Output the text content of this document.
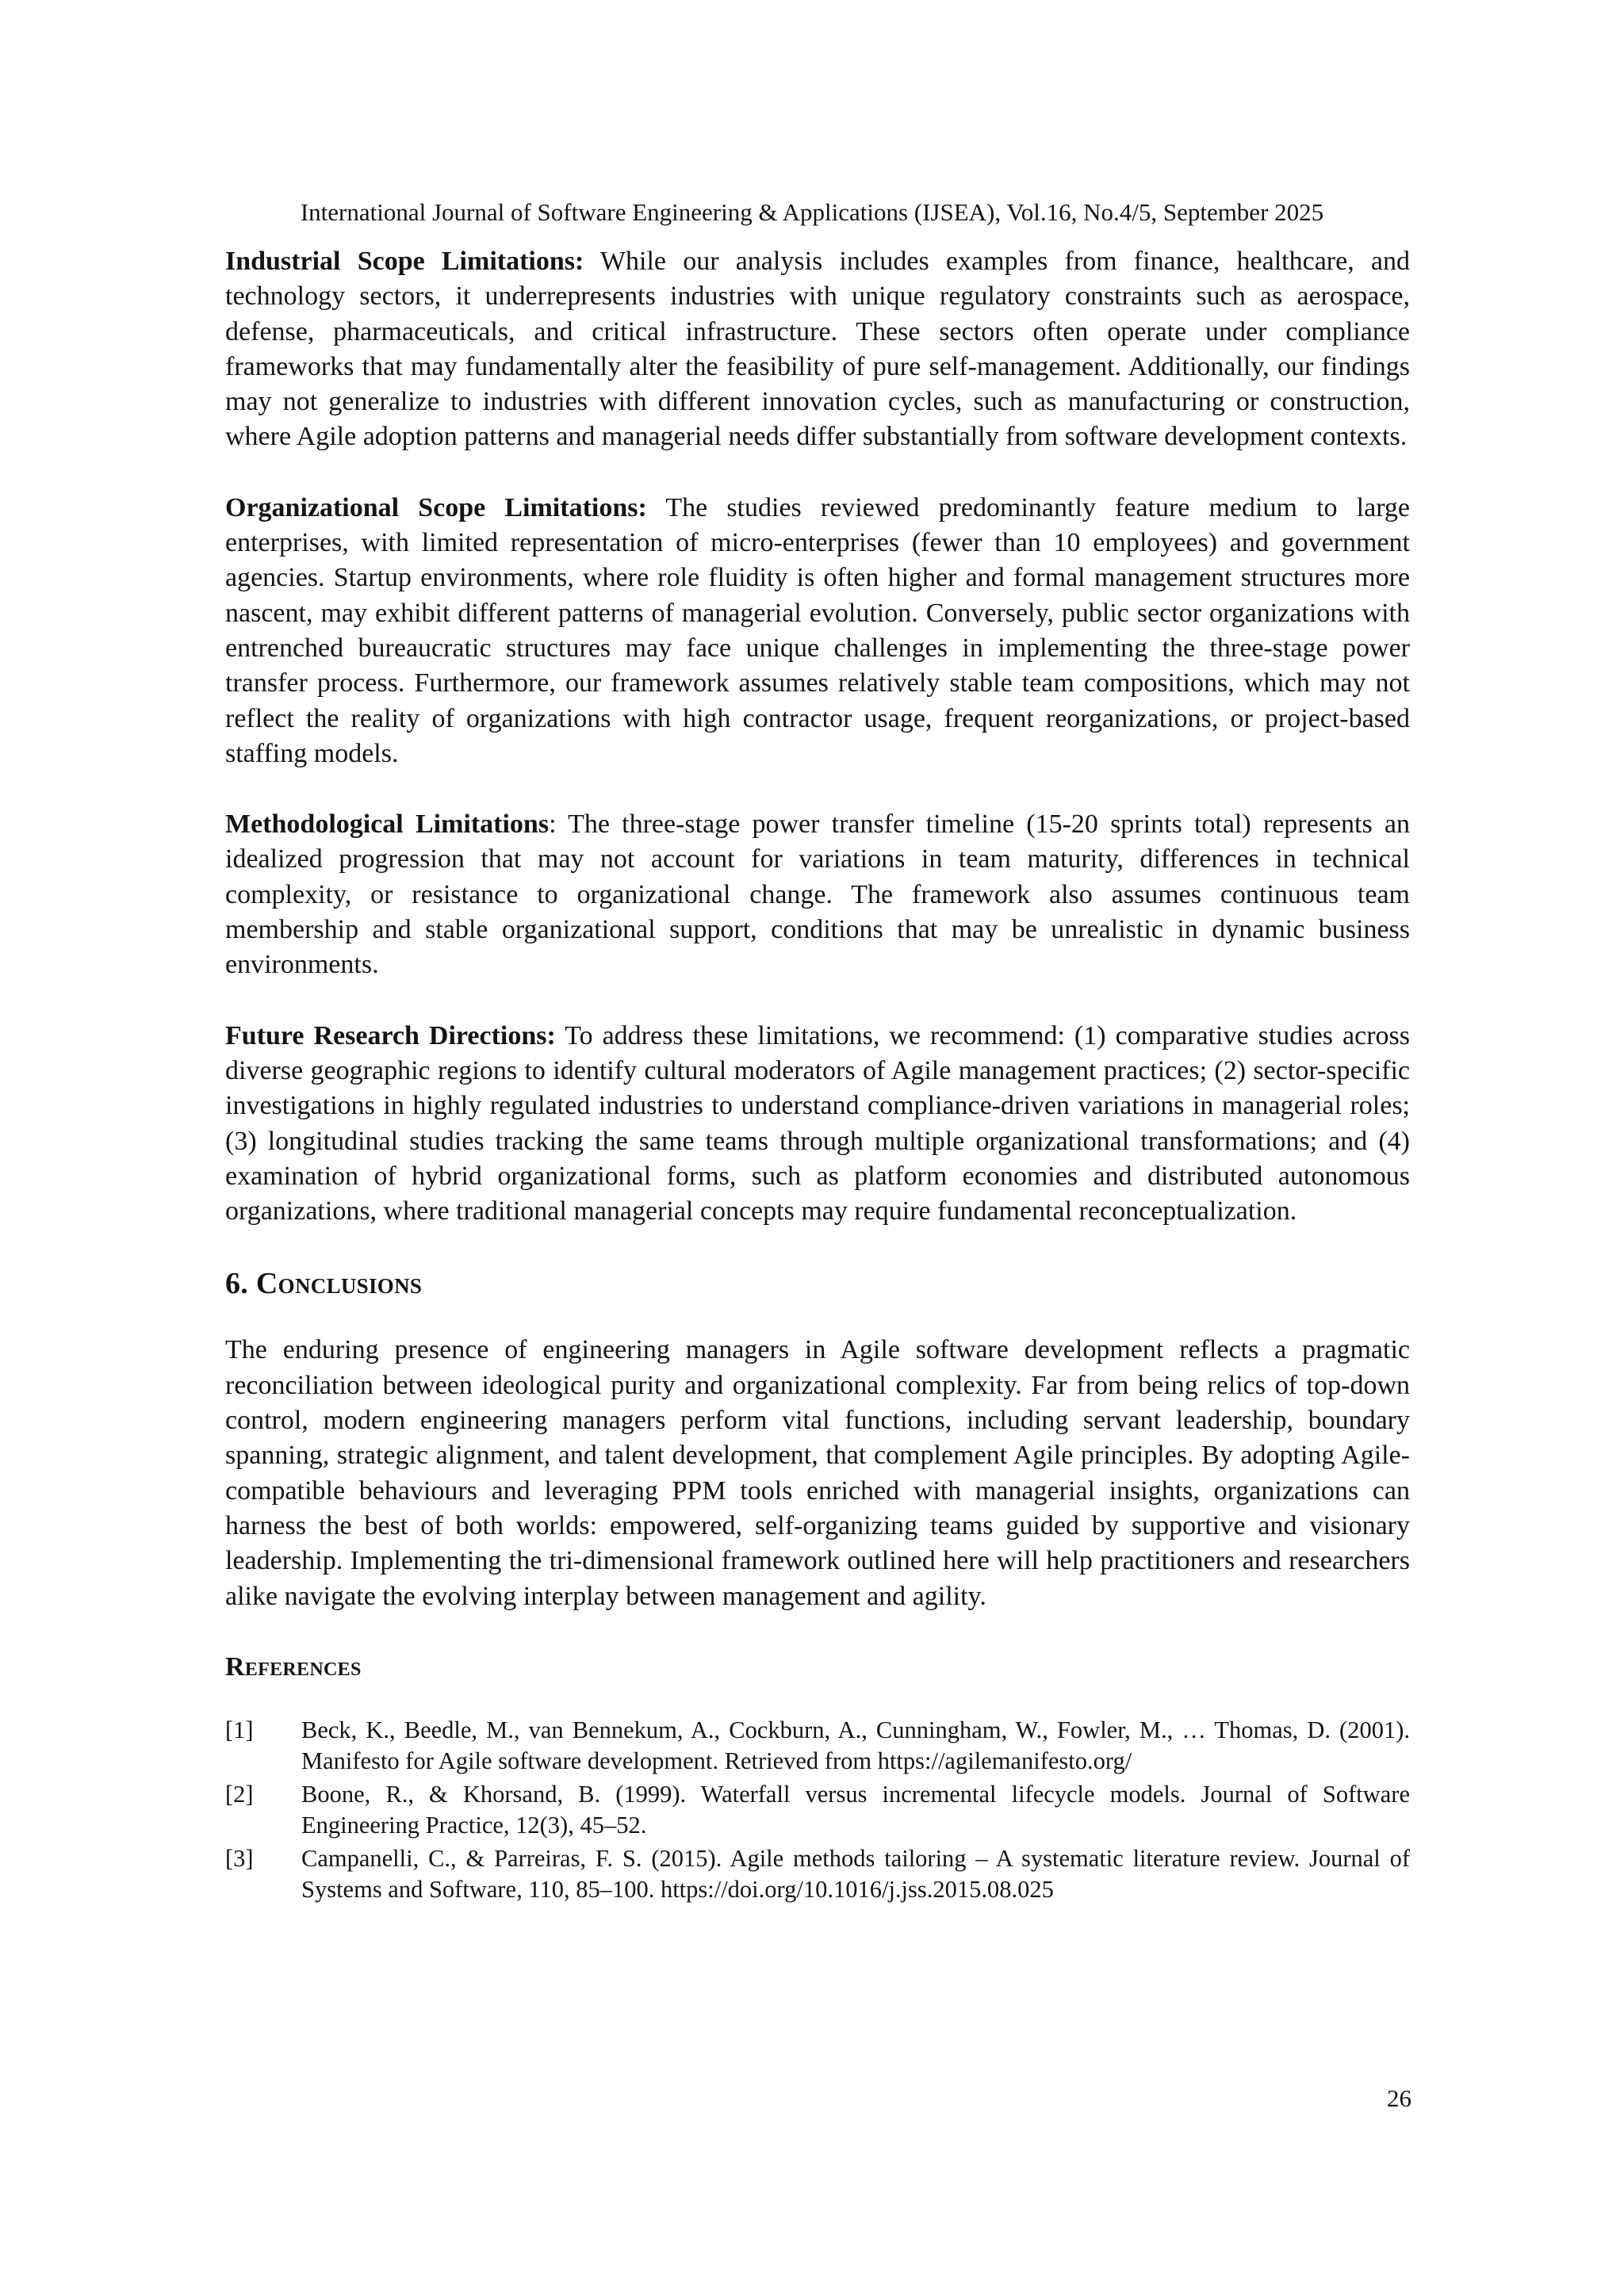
International Journal of Software Engineering & Applications (IJSEA), Vol.16, No.4/5, September 2025

Industrial Scope Limitations: While our analysis includes examples from finance, healthcare, and technology sectors, it underrepresents industries with unique regulatory constraints such as aerospace, defense, pharmaceuticals, and critical infrastructure. These sectors often operate under compliance frameworks that may fundamentally alter the feasibility of pure self-management. Additionally, our findings may not generalize to industries with different innovation cycles, such as manufacturing or construction, where Agile adoption patterns and managerial needs differ substantially from software development contexts.

Organizational Scope Limitations: The studies reviewed predominantly feature medium to large enterprises, with limited representation of micro-enterprises (fewer than 10 employees) and government agencies. Startup environments, where role fluidity is often higher and formal management structures more nascent, may exhibit different patterns of managerial evolution. Conversely, public sector organizations with entrenched bureaucratic structures may face unique challenges in implementing the three-stage power transfer process. Furthermore, our framework assumes relatively stable team compositions, which may not reflect the reality of organizations with high contractor usage, frequent reorganizations, or project-based staffing models.

Methodological Limitations: The three-stage power transfer timeline (15-20 sprints total) represents an idealized progression that may not account for variations in team maturity, differences in technical complexity, or resistance to organizational change. The framework also assumes continuous team membership and stable organizational support, conditions that may be unrealistic in dynamic business environments.

Future Research Directions: To address these limitations, we recommend: (1) comparative studies across diverse geographic regions to identify cultural moderators of Agile management practices; (2) sector-specific investigations in highly regulated industries to understand compliance-driven variations in managerial roles; (3) longitudinal studies tracking the same teams through multiple organizational transformations; and (4) examination of hybrid organizational forms, such as platform economies and distributed autonomous organizations, where traditional managerial concepts may require fundamental reconceptualization.

6. Conclusions

The enduring presence of engineering managers in Agile software development reflects a pragmatic reconciliation between ideological purity and organizational complexity. Far from being relics of top-down control, modern engineering managers perform vital functions, including servant leadership, boundary spanning, strategic alignment, and talent development, that complement Agile principles. By adopting Agile-compatible behaviours and leveraging PPM tools enriched with managerial insights, organizations can harness the best of both worlds: empowered, self-organizing teams guided by supportive and visionary leadership. Implementing the tri-dimensional framework outlined here will help practitioners and researchers alike navigate the evolving interplay between management and agility.

References
[1]	Beck, K., Beedle, M., van Bennekum, A., Cockburn, A., Cunningham, W., Fowler, M., … Thomas, D. (2001). Manifesto for Agile software development. Retrieved from https://agilemanifesto.org/
[2]	Boone, R., & Khorsand, B. (1999). Waterfall versus incremental lifecycle models. Journal of Software Engineering Practice, 12(3), 45–52.
[3]	Campanelli, C., & Parreiras, F. S. (2015). Agile methods tailoring – A systematic literature review. Journal of Systems and Software, 110, 85–100. https://doi.org/10.1016/j.jss.2015.08.025

26
